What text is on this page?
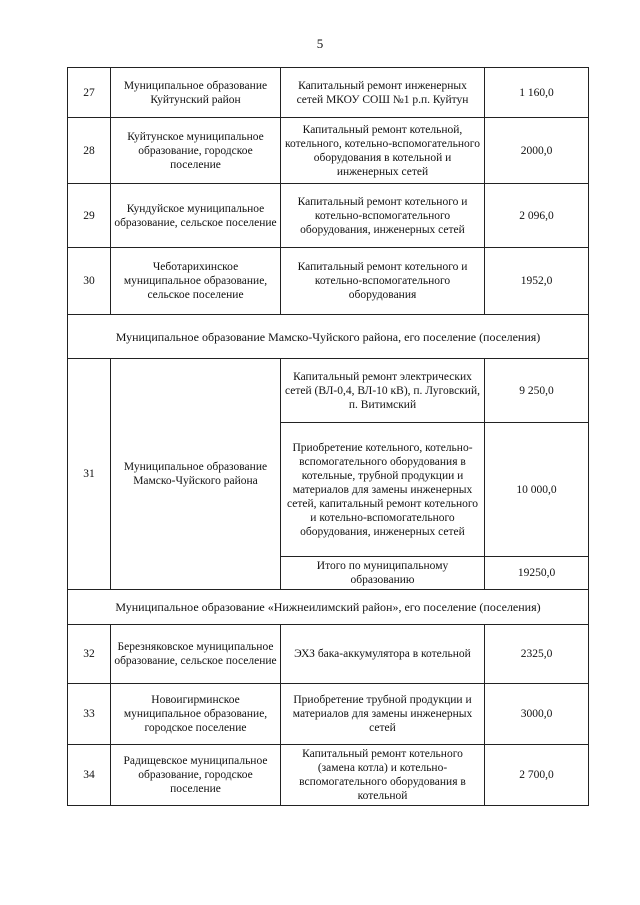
5
27	Муниципальное образование Куйтунский район	Капитальный ремонт инженерных сетей МКОУ СОШ №1 р.п. Куйтун	1 160,0
28	Куйтунское муниципальное образование, городское поселение	Капитальный ремонт котельной, котельного, котельно-вспомогательного оборудования в котельной и инженерных сетей	2000,0
29	Кундуйское муниципальное образование, сельское поселение	Капитальный ремонт котельного и котельно-вспомогательного оборудования, инженерных сетей	2 096,0
30	Чеботарихинское муниципальное образование, сельское поселение	Капитальный ремонт котельного и котельно-вспомогательного оборудования	1952,0
Муниципальное образование Мамско-Чуйского района, его поселение (поселения)			
31	Муниципальное образование Мамско-Чуйского района	Капитальный ремонт электрических сетей (ВЛ-0,4, ВЛ-10 кВ), п. Луговский, п. Витимский	9 250,0
		Приобретение котельного, котельно-вспомогательного оборудования в котельные, трубной продукции и материалов для замены инженерных сетей, капитальный ремонт котельного и котельно-вспомогательного оборудования, инженерных сетей	10 000,0
		Итого по муниципальному образованию	19250,0
Муниципальное образование «Нижнеилимский район», его поселение (поселения)			
32	Березняковское муниципальное образование, сельское поселение	ЭХЗ бака-аккумулятора в котельной	2325,0
33	Новоигирминское муниципальное образование, городское поселение	Приобретение трубной продукции и материалов для замены инженерных сетей	3000,0
34	Радищевское муниципальное образование, городское поселение	Капитальный ремонт котельного (замена котла) и котельно-вспомогательного оборудования в котельной	2 700,0
